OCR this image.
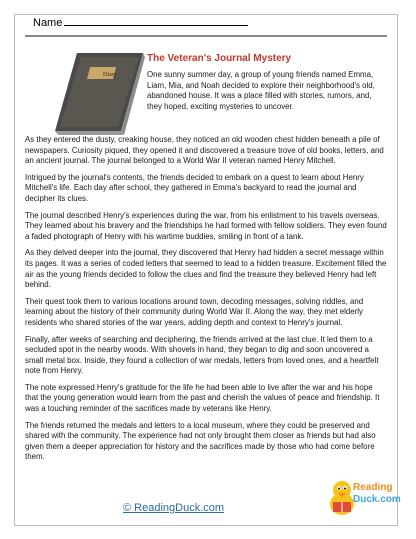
Name
Diary
The Veteran's Journal Mystery
One sunny summer day, a group of young friends named Emma, Liam, Mia, and Noah decided to explore their neighborhood's old, abandoned house. It was a place filled with stories, rumors, and, they hoped, exciting mysteries to uncover.

As they entered the dusty, creaking house, they noticed an old wooden chest hidden beneath a pile of newspapers. Curiosity piqued, they opened it and discovered a treasure trove of old books, letters, and an ancient journal. The journal belonged to a World War II veteran named Henry Mitchell.

Intrigued by the journal's contents, the friends decided to embark on a quest to learn about Henry Mitchell's life. Each day after school, they gathered in Emma's backyard to read the journal and decipher its clues.

The journal described Henry's experiences during the war, from his enlistment to his travels overseas. They learned about his bravery and the friendships he had formed with fellow soldiers. They even found a faded photograph of Henry with his wartime buddies, smiling in front of a tank.

As they delved deeper into the journal, they discovered that Henry had hidden a secret message within its pages. It was a series of coded letters that seemed to lead to a hidden treasure. Excitement filled the air as the young friends decided to follow the clues and find the treasure they believed Henry had left behind.

Their quest took them to various locations around town, decoding messages, solving riddles, and learning about the history of their community during World War II. Along the way, they met elderly residents who shared stories of the war years, adding depth and context to Henry's journal.

Finally, after weeks of searching and deciphering, the friends arrived at the last clue. It led them to a secluded spot in the nearby woods. With shovels in hand, they began to dig and soon uncovered a small metal box. Inside, they found a collection of war medals, letters from loved ones, and a heartfelt note from Henry.

The note expressed Henry's gratitude for the life he had been able to live after the war and his hope that the young generation would learn from the past and cherish the values of peace and friendship. It was a touching reminder of the sacrifices made by veterans like Henry.

The friends returned the medals and letters to a local museum, where they could be preserved and shared with the community. The experience had not only brought them closer as friends but had also given them a deeper appreciation for history and the sacrifices made by those who had come before them.

© ReadingDuck.com
Reading
Duck.com
